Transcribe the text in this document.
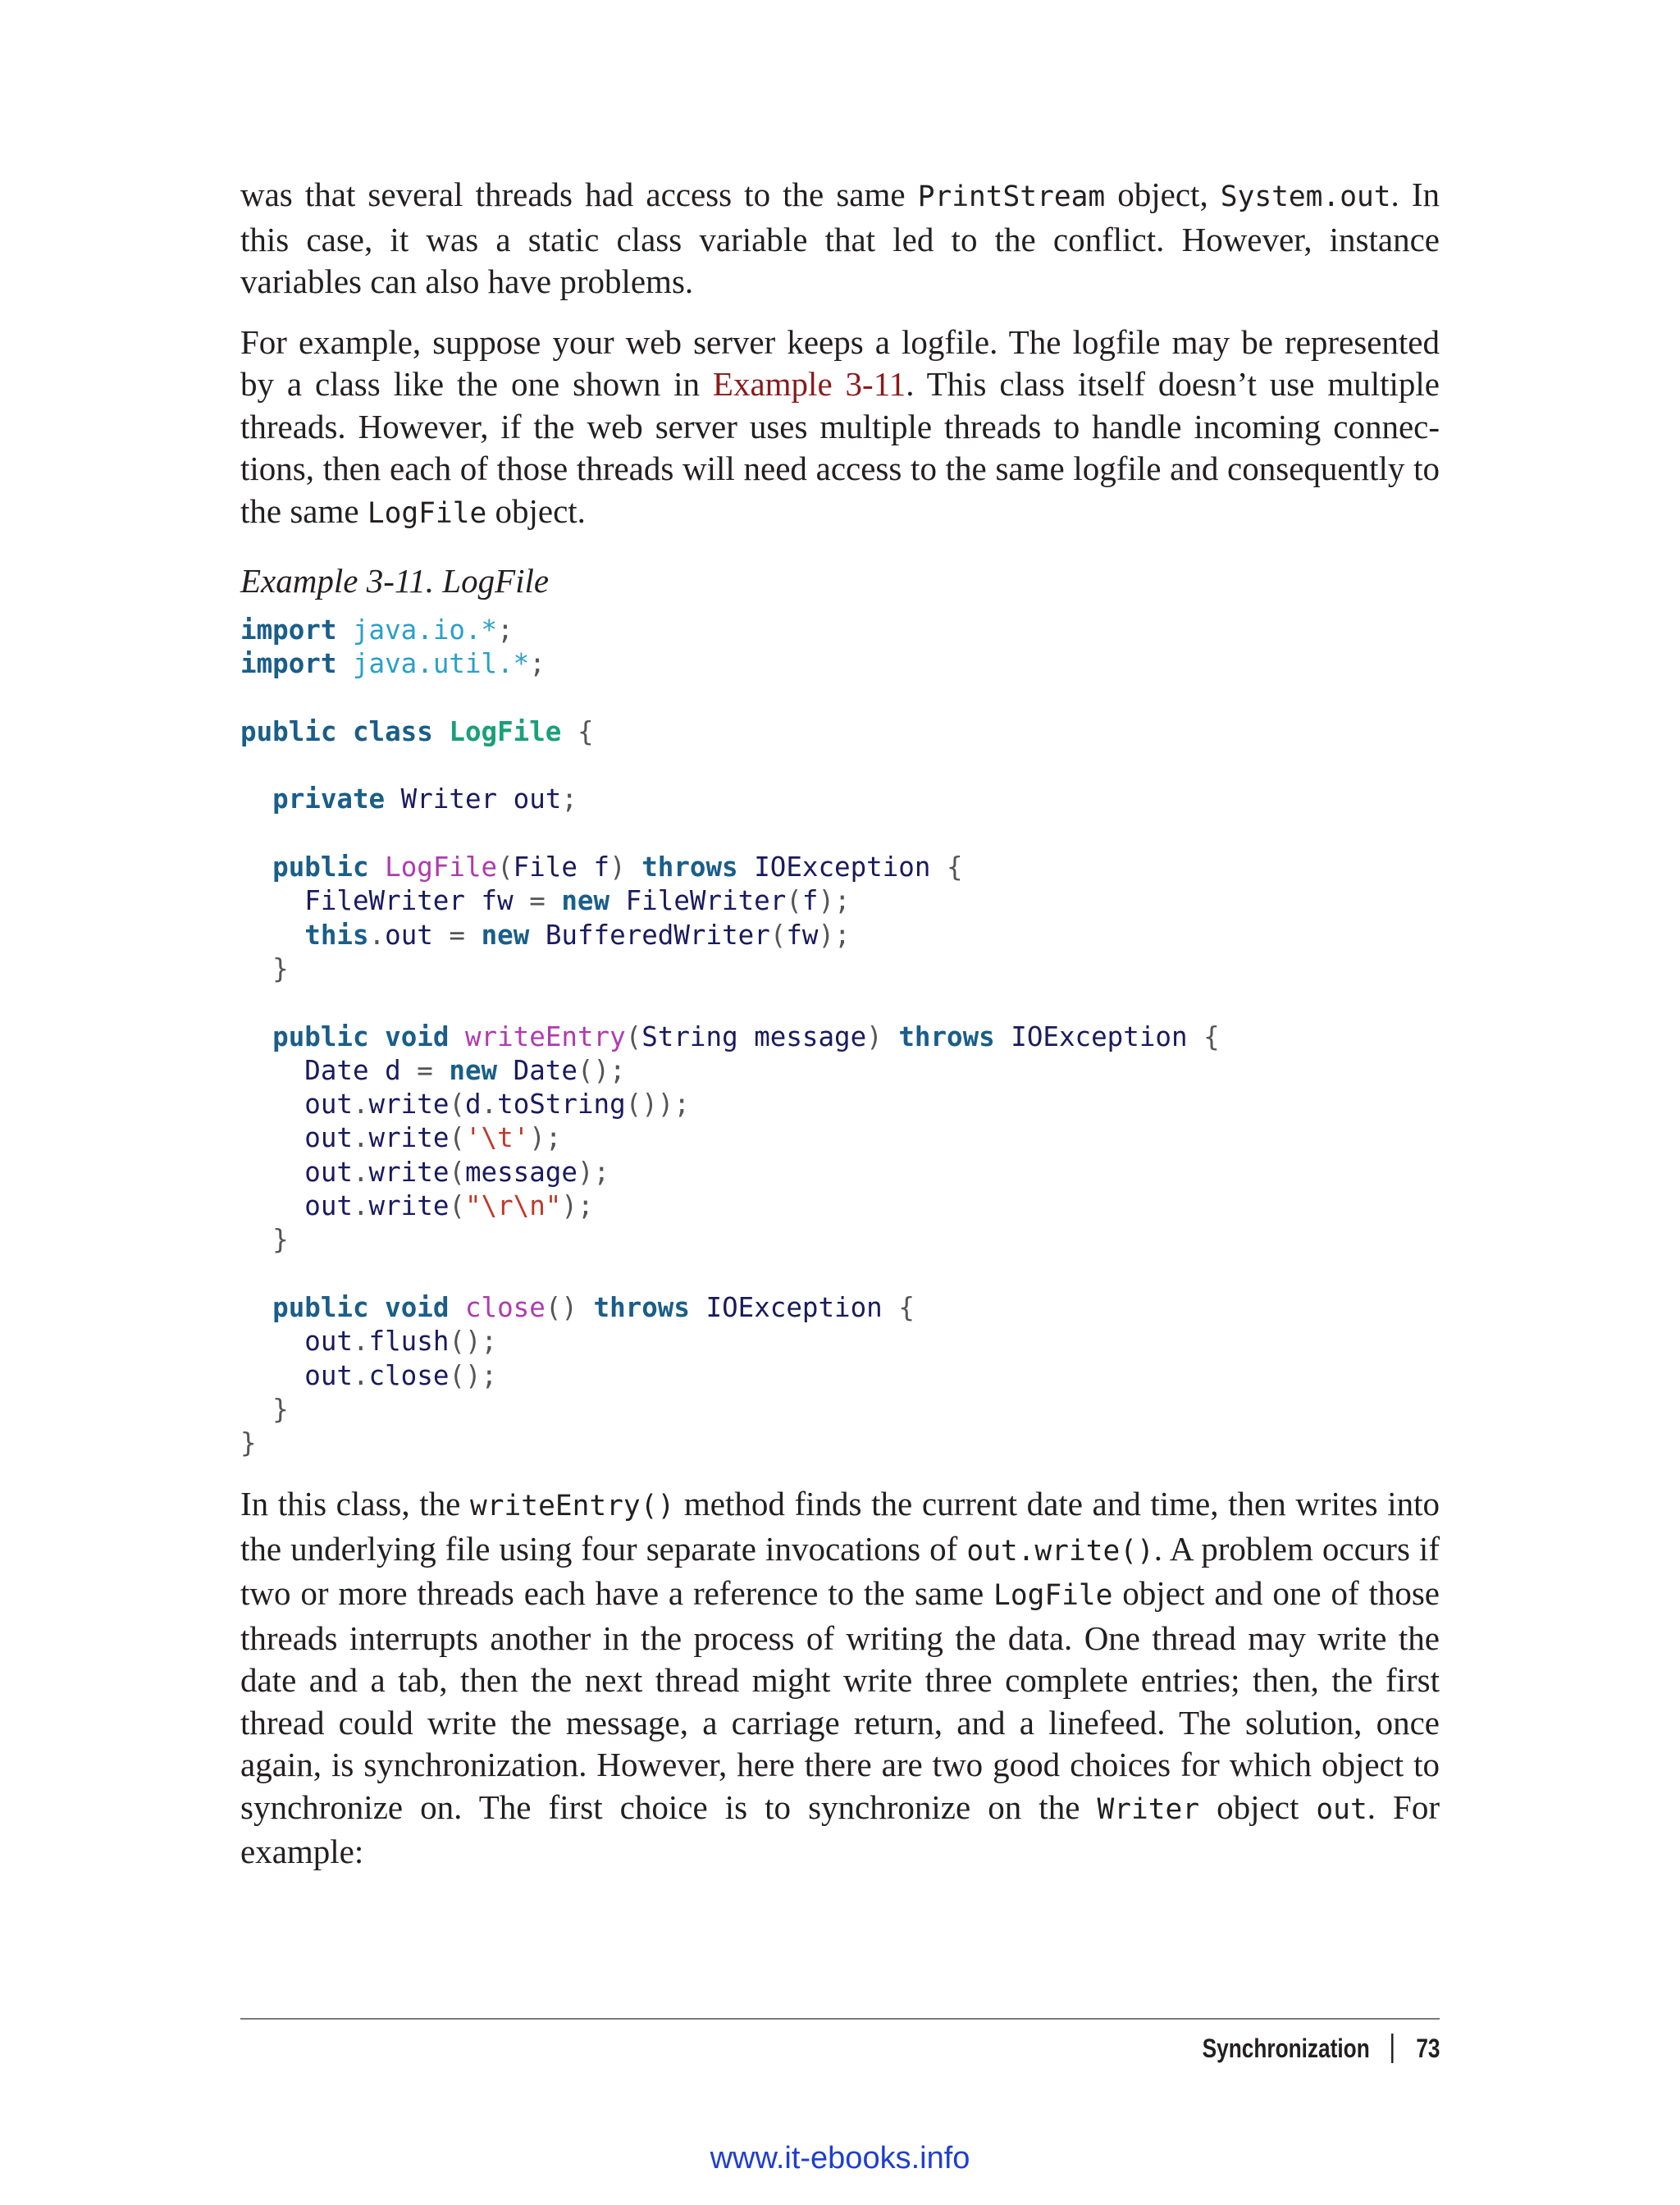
was that several threads had access to the same PrintStream object, System.out. In this case, it was a static class variable that led to the conflict. However, instance variables can also have problems.

For example, suppose your web server keeps a logfile. The logfile may be represented by a class like the one shown in Example 3-11. This class itself doesn’t use multiple threads. However, if the web server uses multiple threads to handle incoming connections, then each of those threads will need access to the same logfile and consequently to the same LogFile object.

Example 3-11. LogFile
import java.io.*;
import java.util.*;
public class LogFile {
private Writer out;
public LogFile(File f) throws IOException {
FileWriter fw = new FileWriter(f);
this.out = new BufferedWriter(fw);
}
public void writeEntry(String message) throws IOException {
Date d = new Date();
out.write(d.toString());
out.write('\t');
out.write(message);
out.write("\r\n");
}
public void close() throws IOException {
out.flush();
out.close();
}
}

In this class, the writeEntry() method finds the current date and time, then writes into the underlying file using four separate invocations of out.write(). A problem occurs if two or more threads each have a reference to the same LogFile object and one of those threads interrupts another in the process of writing the data. One thread may write the date and a tab, then the next thread might write three complete entries; then, the first thread could write the message, a carriage return, and a linefeed. The solution, once again, is synchronization. However, here there are two good choices for which object to synchronize on. The first choice is to synchronize on the Writer object out. For example:

Synchronization 73
www.it-ebooks.info
